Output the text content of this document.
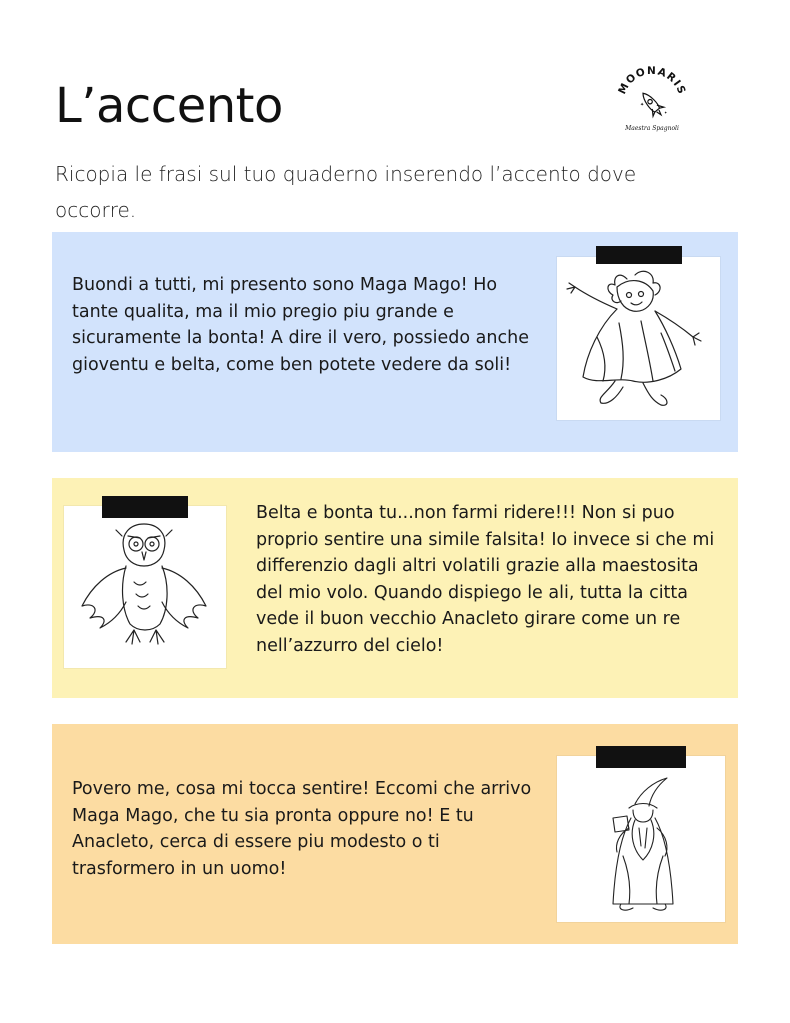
L’accento	MOONARIS
✦
✦
Maestra Spagnoli

Ricopia le frasi sul tuo quaderno inserendo l’accento dove occorre.

Buondi a tutti, mi presento sono Maga Mago! Ho tante qualita, ma il mio pregio piu grande e sicuramente la bonta! A dire il vero, possiedo anche gioventu e belta, come ben potete vedere da soli!

Belta e bonta tu...non farmi ridere!!! Non si puo proprio sentire una simile falsita! Io invece si che mi differenzio dagli altri volatili grazie alla maestosita del mio volo. Quando dispiego le ali, tutta la citta vede il buon vecchio Anacleto girare come un re nell’azzurro del cielo!

Povero me, cosa mi tocca sentire! Eccomi che arrivo Maga Mago, che tu sia pronta oppure no! E tu Anacleto, cerca di essere piu modesto o ti trasformero in un uomo!
